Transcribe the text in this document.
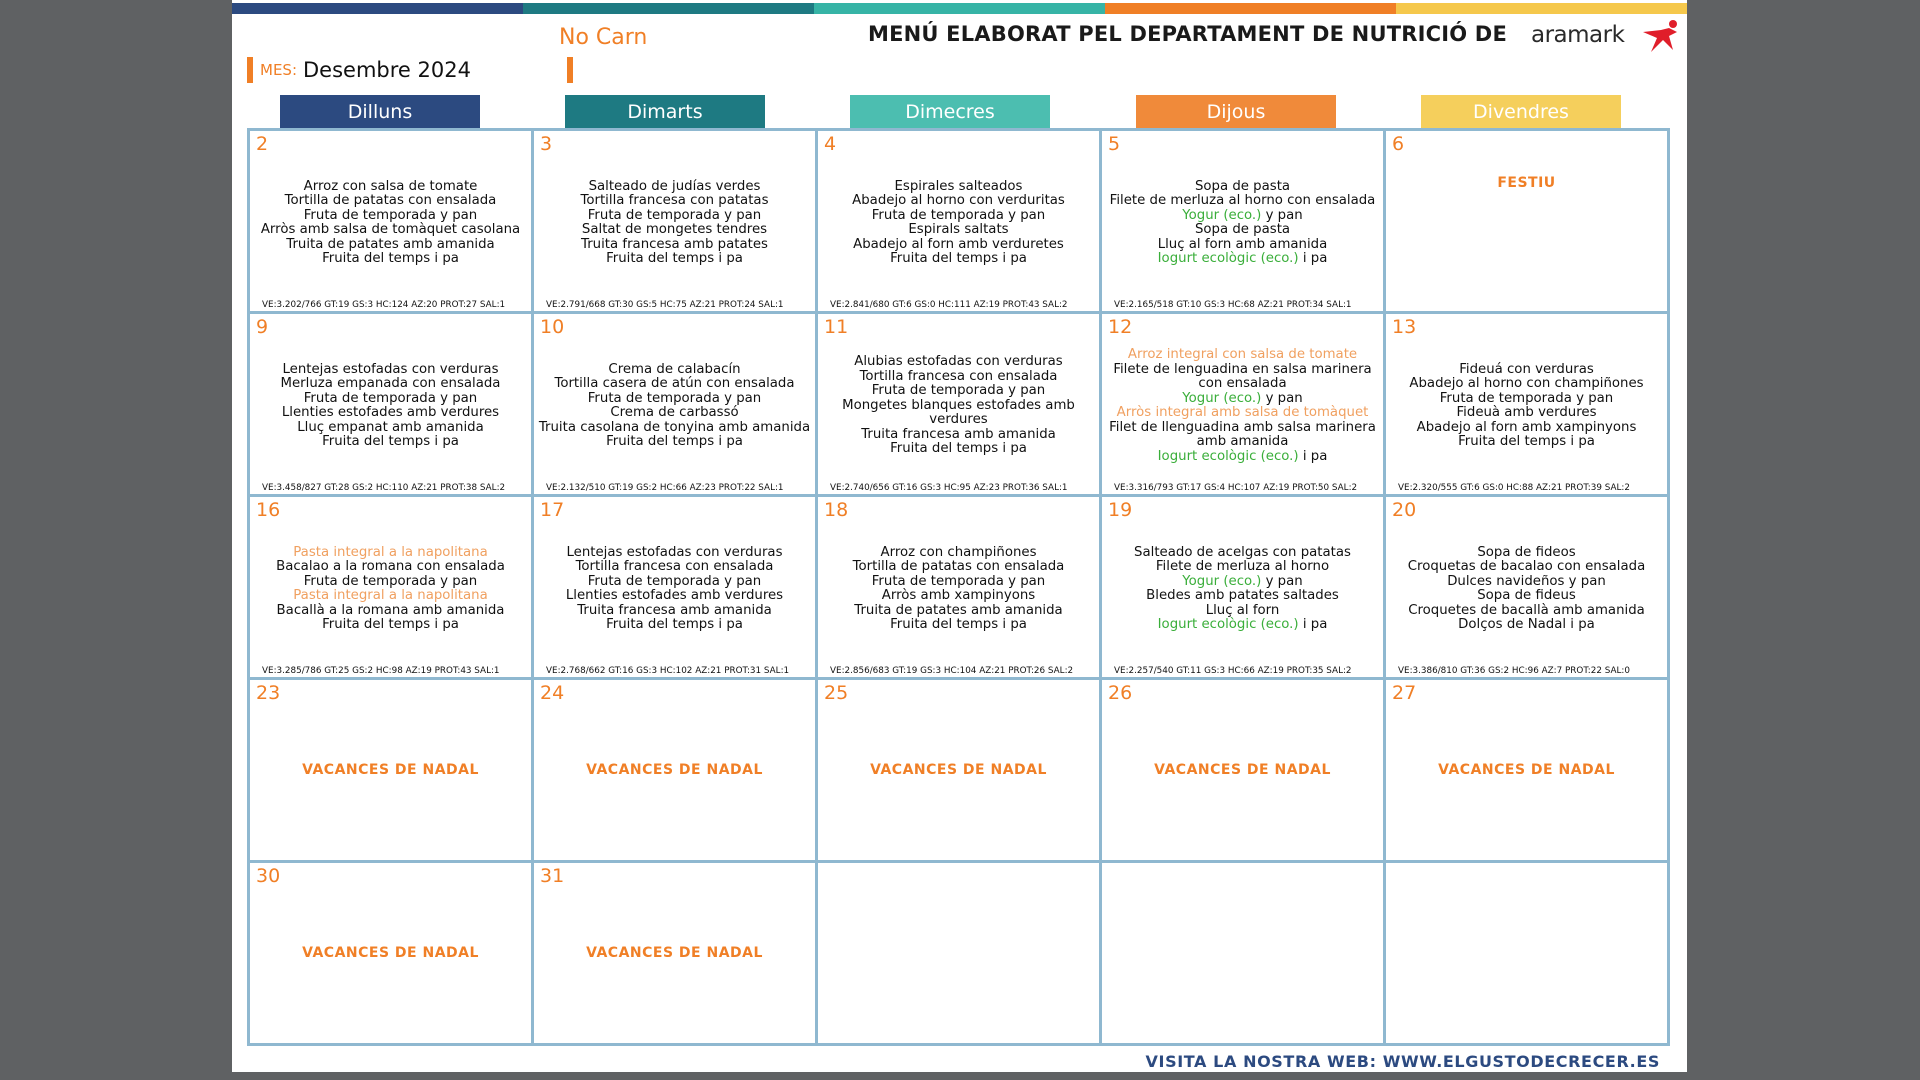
No Carn	MENÚ ELABORAT PEL DEPARTAMENT DE NUTRICIÓ DE aramark
MES: Desembre 2024
Dilluns	Dimarts	Dimecres	Dijous	Divendres
2
Arroz con salsa de tomate
Tortilla de patatas con ensalada
Fruta de temporada y pan
Arròs amb salsa de tomàquet casolana
Truita de patates amb amanida
Fruita del temps i pa
VE:3.202/766 GT:19 GS:3 HC:124 AZ:20 PROT:27 SAL:1
3
Salteado de judías verdes
Tortilla francesa con patatas
Fruta de temporada y pan
Saltat de mongetes tendres
Truita francesa amb patates
Fruita del temps i pa
VE:2.791/668 GT:30 GS:5 HC:75 AZ:21 PROT:24 SAL:1
4
Espirales salteados
Abadejo al horno con verduritas
Fruta de temporada y pan
Espirals saltats
Abadejo al forn amb verduretes
Fruita del temps i pa
VE:2.841/680 GT:6 GS:0 HC:111 AZ:19 PROT:43 SAL:2
5
Sopa de pasta
Filete de merluza al horno con ensalada
Yogur (eco.) y pan
Sopa de pasta
Lluç al forn amb amanida
Iogurt ecològic (eco.) i pa
VE:2.165/518 GT:10 GS:3 HC:68 AZ:21 PROT:34 SAL:1
6
FESTIU
9
Lentejas estofadas con verduras
Merluza empanada con ensalada
Fruta de temporada y pan
Llenties estofades amb verdures
Lluç empanat amb amanida
Fruita del temps i pa
VE:3.458/827 GT:28 GS:2 HC:110 AZ:21 PROT:38 SAL:2
10
Crema de calabacín
Tortilla casera de atún con ensalada
Fruta de temporada y pan
Crema de carbassó
Truita casolana de tonyina amb amanida
Fruita del temps i pa
VE:2.132/510 GT:19 GS:2 HC:66 AZ:23 PROT:22 SAL:1
11
Alubias estofadas con verduras
Tortilla francesa con ensalada
Fruta de temporada y pan
Mongetes blanques estofades amb verdures
Truita francesa amb amanida
Fruita del temps i pa
VE:2.740/656 GT:16 GS:3 HC:95 AZ:23 PROT:36 SAL:1
12
Arroz integral con salsa de tomate
Filete de lenguadina en salsa marinera con ensalada
Yogur (eco.) y pan
Arròs integral amb salsa de tomàquet
Filet de llenguadina amb salsa marinera amb amanida
Iogurt ecològic (eco.) i pa
VE:3.316/793 GT:17 GS:4 HC:107 AZ:19 PROT:50 SAL:2
13
Fideuá con verduras
Abadejo al horno con champiñones
Fruta de temporada y pan
Fideuà amb verdures
Abadejo al forn amb xampinyons
Fruita del temps i pa
VE:2.320/555 GT:6 GS:0 HC:88 AZ:21 PROT:39 SAL:2
16
Pasta integral a la napolitana
Bacalao a la romana con ensalada
Fruta de temporada y pan
Pasta integral a la napolitana
Bacallà a la romana amb amanida
Fruita del temps i pa
VE:3.285/786 GT:25 GS:2 HC:98 AZ:19 PROT:43 SAL:1
17
Lentejas estofadas con verduras
Tortilla francesa con ensalada
Fruta de temporada y pan
Llenties estofades amb verdures
Truita francesa amb amanida
Fruita del temps i pa
VE:2.768/662 GT:16 GS:3 HC:102 AZ:21 PROT:31 SAL:1
18
Arroz con champiñones
Tortilla de patatas con ensalada
Fruta de temporada y pan
Arròs amb xampinyons
Truita de patates amb amanida
Fruita del temps i pa
VE:2.856/683 GT:19 GS:3 HC:104 AZ:21 PROT:26 SAL:2
19
Salteado de acelgas con patatas
Filete de merluza al horno
Yogur (eco.) y pan
Bledes amb patates saltades
Lluç al forn
Iogurt ecològic (eco.) i pa
VE:2.257/540 GT:11 GS:3 HC:66 AZ:19 PROT:35 SAL:2
20
Sopa de fideos
Croquetas de bacalao con ensalada
Dulces navideños y pan
Sopa de fideus
Croquetes de bacallà amb amanida
Dolços de Nadal i pa
VE:3.386/810 GT:36 GS:2 HC:96 AZ:7 PROT:22 SAL:0
23
VACANCES DE NADAL
24
VACANCES DE NADAL
25
VACANCES DE NADAL
26
VACANCES DE NADAL
27
VACANCES DE NADAL
30
VACANCES DE NADAL
31
VACANCES DE NADAL
VISITA LA NOSTRA WEB: WWW.ELGUSTODECRECER.ES
